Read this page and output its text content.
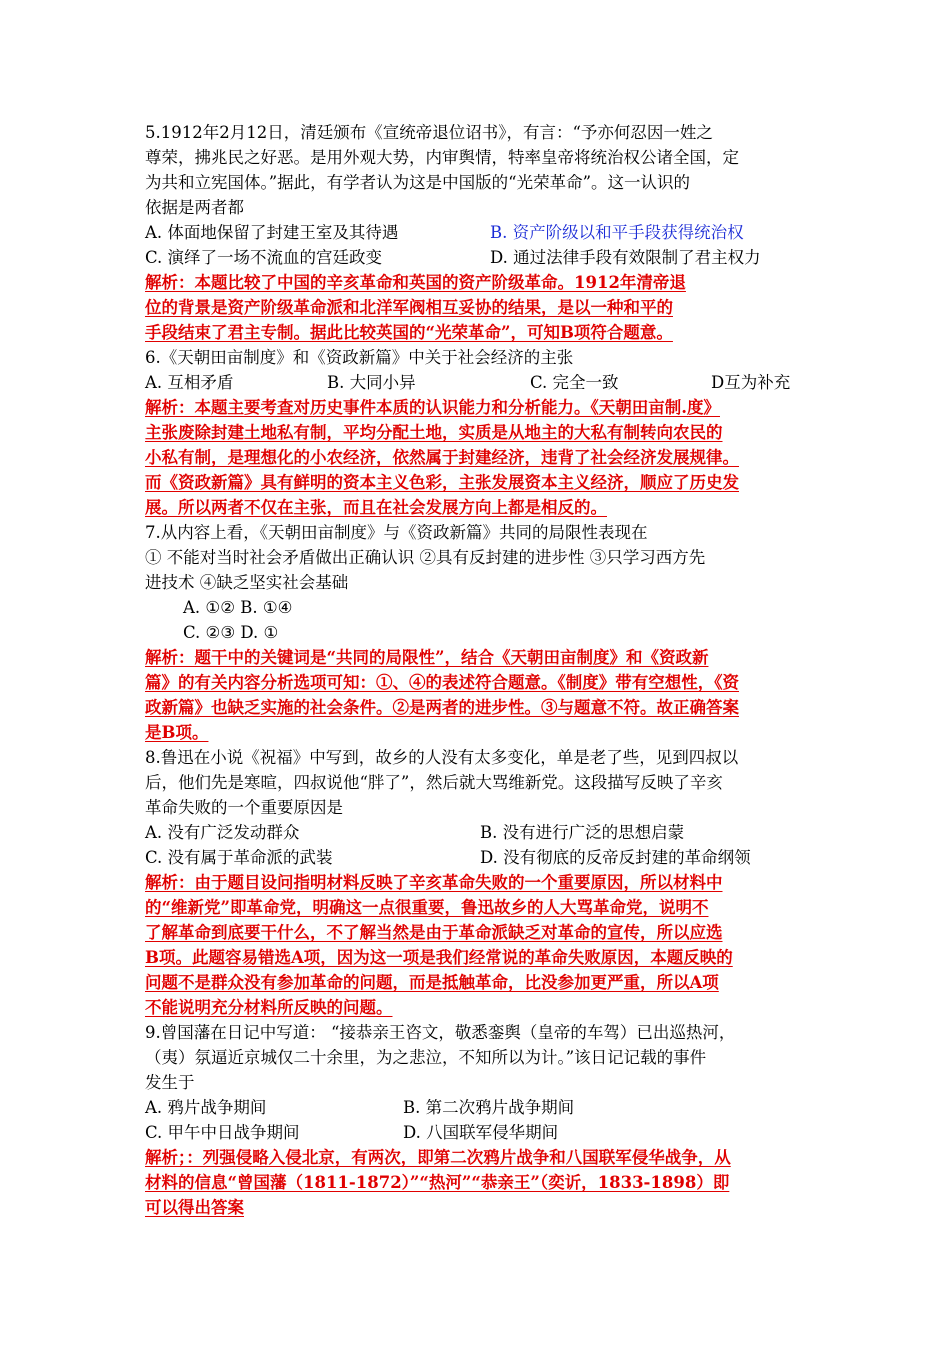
5.1912年2月12日，清廷颁布《宣统帝退位诏书》，有言：“予亦何忍因一姓之
尊荣，拂兆民之好恶。是用外观大势，内审舆情，特率皇帝将统治权公诸全国，定
为共和立宪国体。”据此，有学者认为这是中国版的“光荣革命”。这一认识的
依据是两者都
A. 体面地保留了封建王室及其待遇	B. 资产阶级以和平手段获得统治权
C. 演绎了一场不流血的宫廷政变	D. 通过法律手段有效限制了君主权力
解析：本题比较了中国的辛亥革命和英国的资产阶级革命。1912年清帝退
位的背景是资产阶级革命派和北洋军阀相互妥协的结果，是以一种和平的
手段结束了君主专制。据此比较英国的“光荣革命”，可知B项符合题意。
6.《天朝田亩制度》和《资政新篇》中关于社会经济的主张
A. 互相矛盾	B. 大同小异	C. 完全一致	D互为补充
解析：本题主要考查对历史事件本质的认识能力和分析能力。《天朝田亩制.度》
主张废除封建土地私有制，平均分配土地，实质是从地主的大私有制转向农民的
小私有制，是理想化的小农经济，依然属于封建经济，违背了社会经济发展规律。
而《资政新篇》具有鲜明的资本主义色彩，主张发展资本主义经济，顺应了历史发
展。所以两者不仅在主张，而且在社会发展方向上都是相反的。
7.从内容上看，《天朝田亩制度》与《资政新篇》共同的局限性表现在
① 不能对当时社会矛盾做出正确认识 ②具有反封建的进步性 ③只学习西方先
进技术 ④缺乏坚实社会基础
A. ①② B. ①④
C. ②③ D. ①
解析：题干中的关键词是“共同的局限性”，结合《天朝田亩制度》和《资政新
篇》的有关内容分析选项可知：①、④的表述符合题意。《制度》带有空想性，《资
政新篇》也缺乏实施的社会条件。②是两者的进步性。③与题意不符。故正确答案
是B项。
8.鲁迅在小说《祝福》中写到，故乡的人没有太多变化，单是老了些，见到四叔以
后，他们先是寒暄，四叔说他“胖了”，然后就大骂维新党。这段描写反映了辛亥
革命失败的一个重要原因是
A. 没有广泛发动群众	B. 没有进行广泛的思想启蒙
C. 没有属于革命派的武装	D. 没有彻底的反帝反封建的革命纲领
解析：由于题目设问指明材料反映了辛亥革命失败的一个重要原因，所以材料中
的“维新党”即革命党，明确这一点很重要，鲁迅故乡的人大骂革命党，说明不
了解革命到底要干什么，不了解当然是由于革命派缺乏对革命的宣传，所以应选
B项。此题容易错选A项，因为这一项是我们经常说的革命失败原因，本题反映的
问题不是群众没有参加革命的问题，而是抵触革命，比没参加更严重，所以A项
不能说明充分材料所反映的问题。
9.曾国藩在日记中写道： “接恭亲王咨文，敬悉銮舆（皇帝的车驾）已出巡热河，
（夷）氛逼近京城仅二十余里，为之悲泣，不知所以为计。”该日记记载的事件
发生于
A. 鸦片战争期间	B. 第二次鸦片战争期间
C. 甲午中日战争期间	D. 八国联军侵华期间
解析；：列强侵略入侵北京，有两次，即第二次鸦片战争和八国联军侵华战争，从
材料的信息“曾国藩（1811-1872）”“热河”“恭亲王”（奕䜣，1833-1898）即
可以得出答案
